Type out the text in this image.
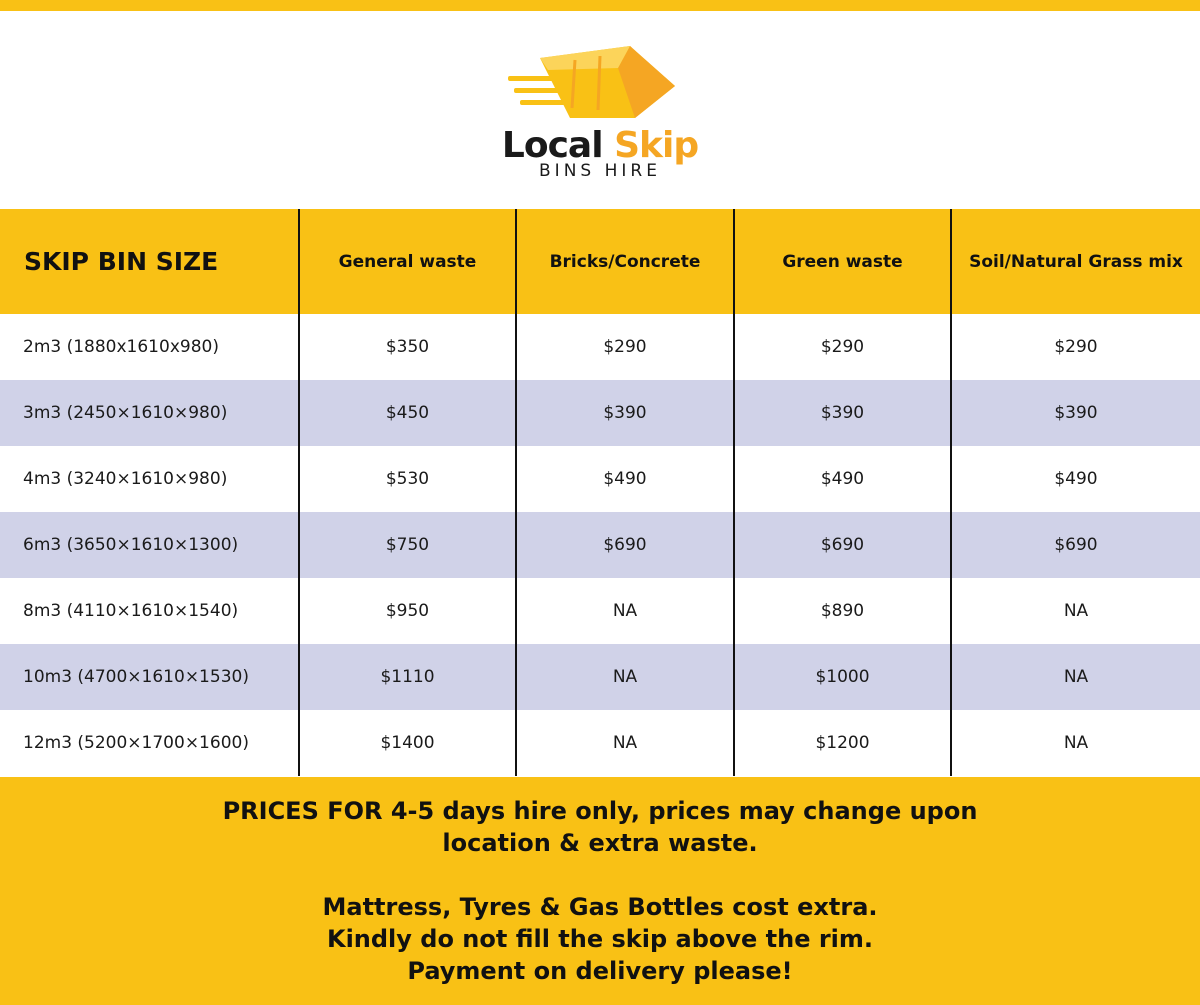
Local Skip
BINS HIRE
SKIP BIN SIZE	General waste	Bricks/Concrete	Green waste	Soil/Natural Grass mix
2m3 (1880x1610x980)	$350	$290	$290	$290
3m3 (2450×1610×980)	$450	$390	$390	$390
4m3 (3240×1610×980)	$530	$490	$490	$490
6m3 (3650×1610×1300)	$750	$690	$690	$690
8m3 (4110×1610×1540)	$950	NA	$890	NA
10m3 (4700×1610×1530)	$1110	NA	$1000	NA
12m3 (5200×1700×1600)	$1400	NA	$1200	NA
PRICES FOR 4-5 days hire only, prices may change upon
location & extra waste.
Mattress, Tyres & Gas Bottles cost extra.
Kindly do not fill the skip above the rim.
Payment on delivery please!
